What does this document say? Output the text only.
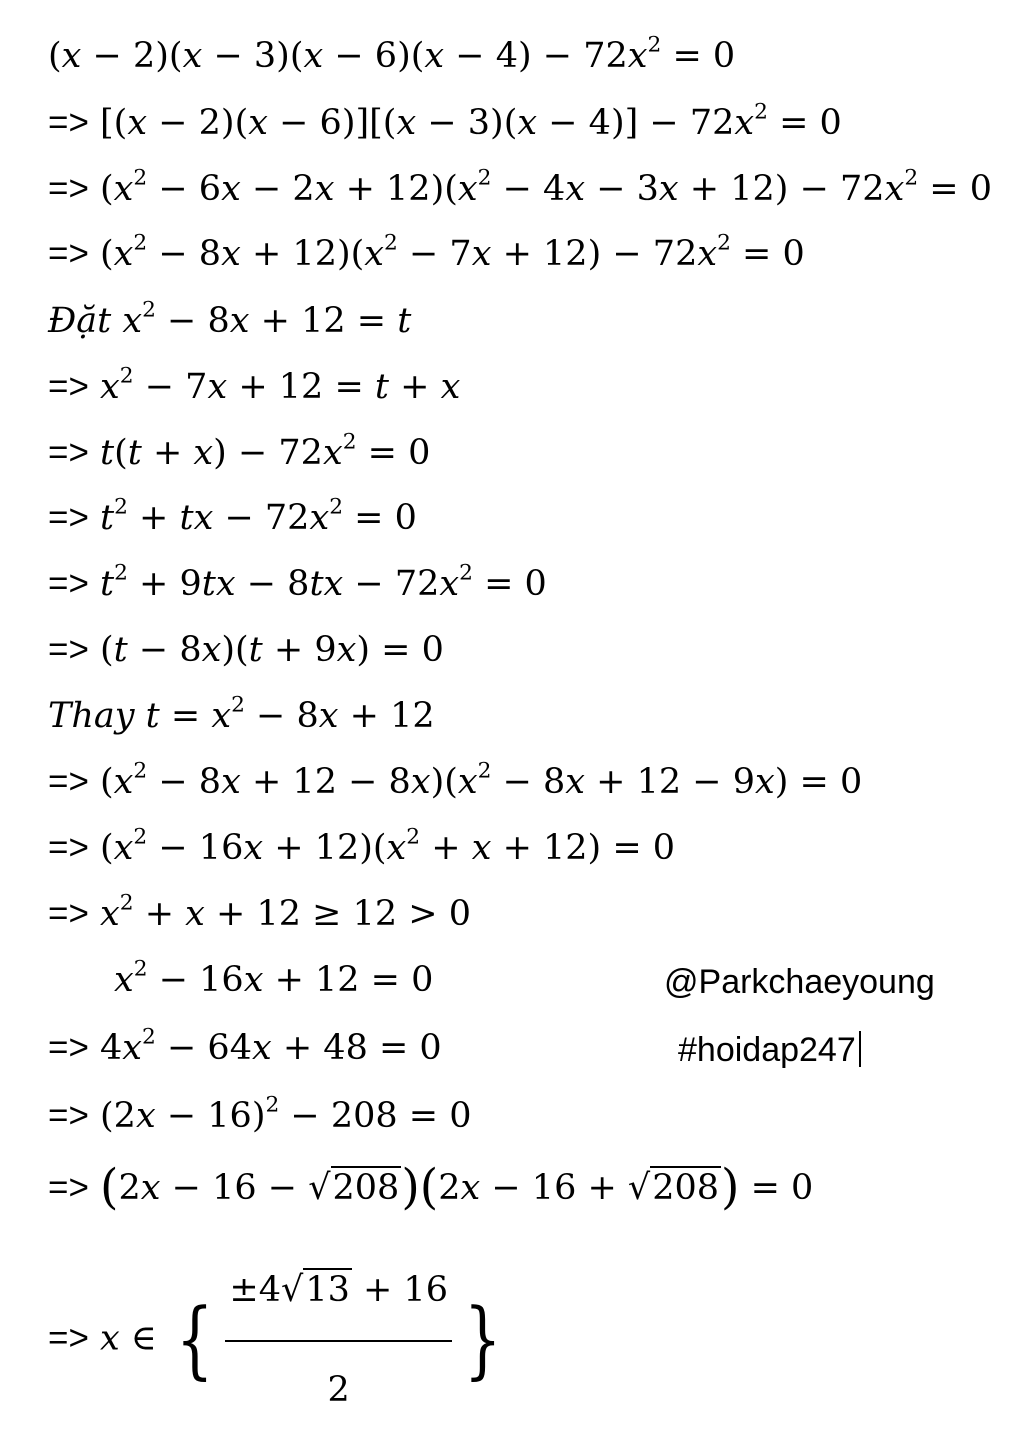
$(x - 2)(x - 3)(x - 6)(x - 4) - 72x^2 = 0$
=> $[(x - 2)(x - 6)][(x - 3)(x - 4)] - 72x^2 = 0$
=> $(x^2 - 6x - 2x + 12)(x^2 - 4x - 3x + 12) - 72x^2 = 0$
=> $(x^2 - 8x + 12)(x^2 - 7x + 12) - 72x^2 = 0$
Đặt $x^2 - 8x + 12 = t$
=> $x^2 - 7x + 12 = t + x$
=> $t(t + x) - 72x^2 = 0$
=> $t^2$ + tx − $72x^2 = 0$
=> $t^2 + 9tx - 8tx - 72x^2 = 0$
=> (t − 8x)(t + 9x) = 0
Thay $t = x^2 - 8x + 12$
=> $(x^2 - 8x + 12 - 8x)(x^2 - 8x + 12 - 9x) = 0$
=> $(x^2 - 16x + 12)(x^2 + x + 12) = 0$
=> $x^2 + x + 12 \ge 12 > 0$
$x^2 - 16x + 12 = 0$
=> $4x^2 - 64x + 48 = 0$
=> $(2x - 16)^2 - 208 = 0$
=> (2x − 16 − √208)(2x − 16 + √208) = 0
=> x ∈ { $\frac{\pm 4√13 + 16}{2}$ }
@Parkchaeyoung
#hoidap247
